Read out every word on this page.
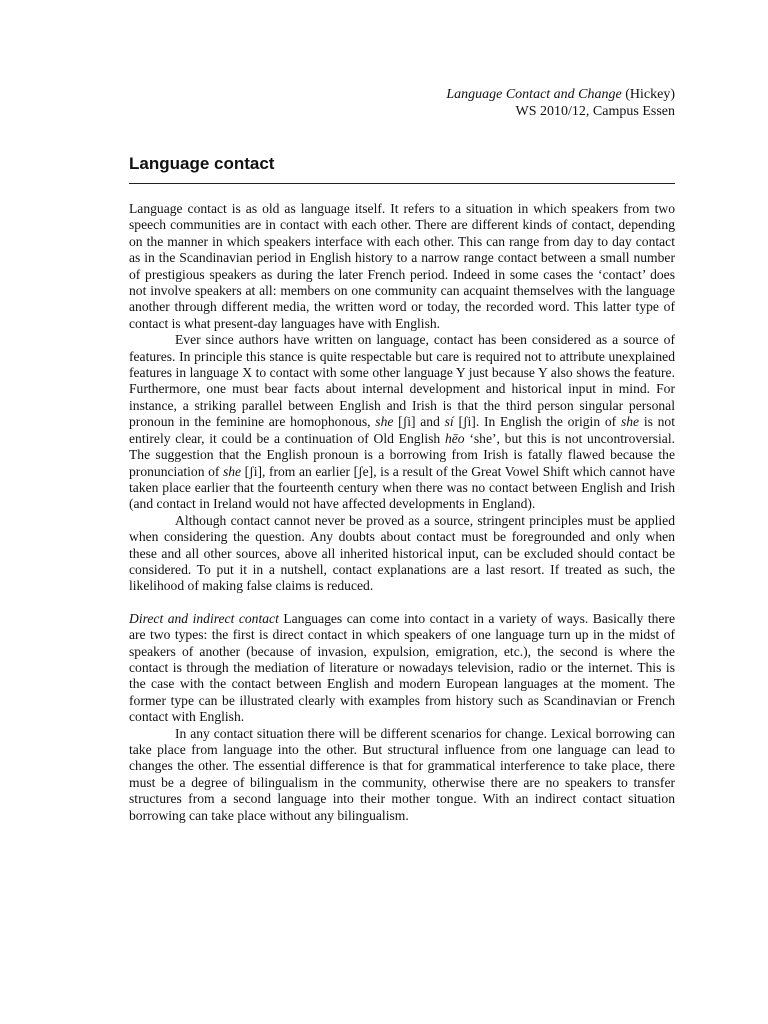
Language Contact and Change (Hickey)
WS 2010/12, Campus Essen
Language contact

Language contact is as old as language itself. It refers to a situation in which speakers from two speech communities are in contact with each other. There are different kinds of contact, depending on the manner in which speakers interface with each other. This can range from day to day contact as in the Scandinavian period in English history to a narrow range contact between a small number of prestigious speakers as during the later French period. Indeed in some cases the ‘contact’ does not involve speakers at all: members on one community can acquaint themselves with the language another through different media, the written word or today, the recorded word. This latter type of contact is what present-day languages have with English.

Ever since authors have written on language, contact has been considered as a source of features. In principle this stance is quite respectable but care is required not to attribute unexplained features in language X to contact with some other language Y just because Y also shows the feature. Furthermore, one must bear facts about internal development and historical input in mind. For instance, a striking parallel between English and Irish is that the third person singular personal pronoun in the feminine are homophonous, she [ʃi] and sí [ʃi]. In English the origin of she is not entirely clear, it could be a continuation of Old English hēo ‘she’, but this is not uncontroversial. The suggestion that the English pronoun is a borrowing from Irish is fatally flawed because the pronunciation of she [ʃi], from an earlier [ʃe], is a result of the Great Vowel Shift which cannot have taken place earlier that the fourteenth century when there was no contact between English and Irish (and contact in Ireland would not have affected developments in England).

Although contact cannot never be proved as a source, stringent principles must be applied when considering the question. Any doubts about contact must be foregrounded and only when these and all other sources, above all inherited historical input, can be excluded should contact be considered. To put it in a nutshell, contact explanations are a last resort. If treated as such, the likelihood of making false claims is reduced.

Direct and indirect contact Languages can come into contact in a variety of ways. Basically there are two types: the first is direct contact in which speakers of one language turn up in the midst of speakers of another (because of invasion, expulsion, emigration, etc.), the second is where the contact is through the mediation of literature or nowadays television, radio or the internet. This is the case with the contact between English and modern European languages at the moment. The former type can be illustrated clearly with examples from history such as Scandinavian or French contact with English.

In any contact situation there will be different scenarios for change. Lexical borrowing can take place from language into the other. But structural influence from one language can lead to changes the other. The essential difference is that for grammatical interference to take place, there must be a degree of bilingualism in the community, otherwise there are no speakers to transfer structures from a second language into their mother tongue. With an indirect contact situation borrowing can take place without any bilingualism.
